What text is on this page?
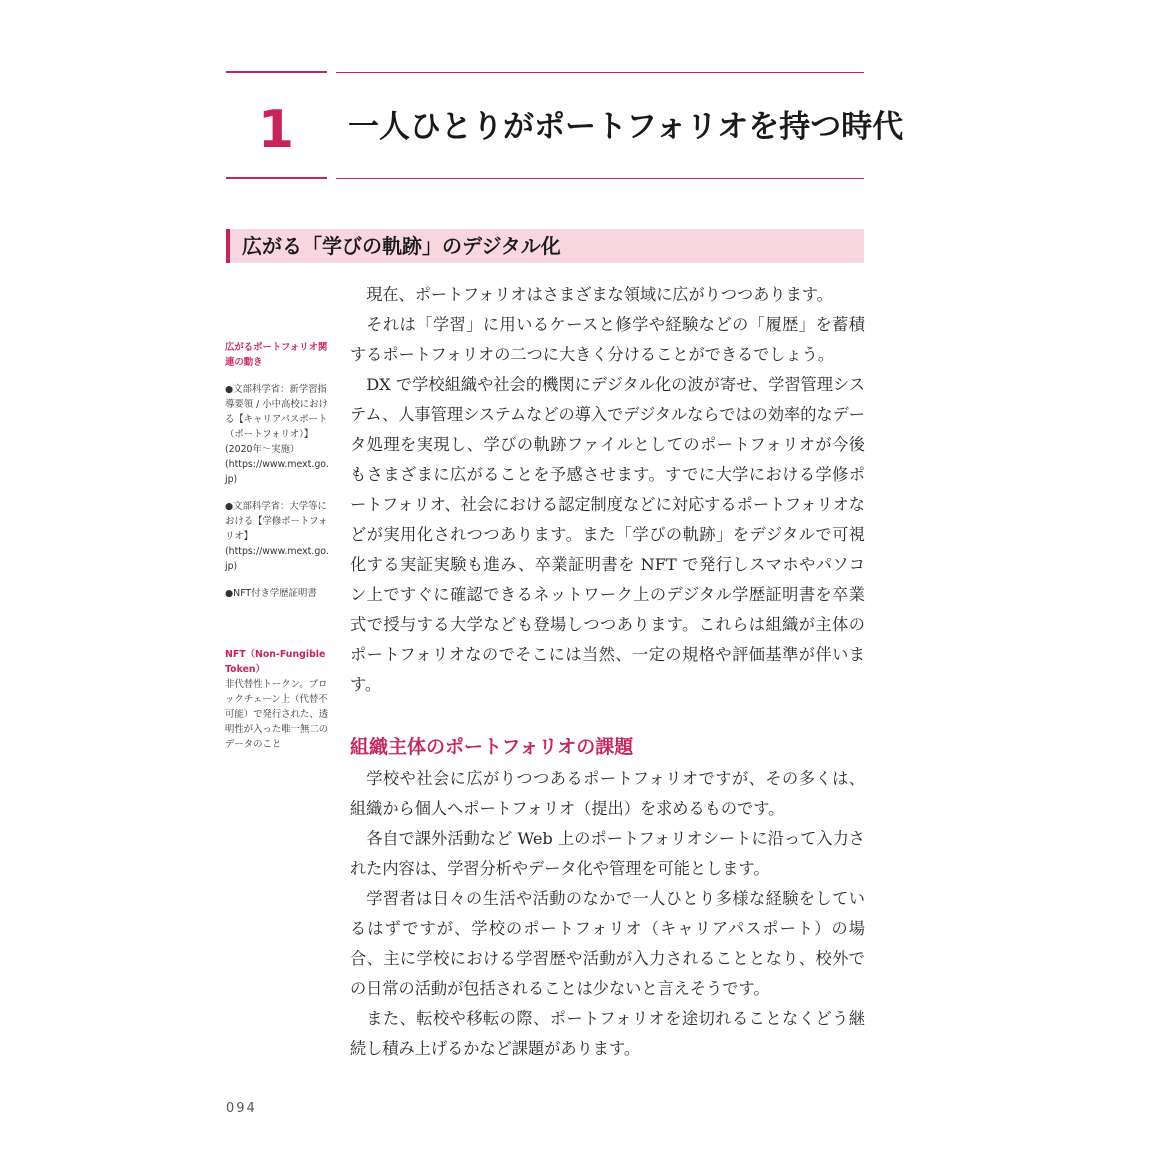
1	一人ひとりがポートフォリオを持つ時代
広がる「学びの軌跡」のデジタル化

広がるポートフォリオ関連の動き

●文部科学省：新学習指導要領 / 小中高校における【キャリアパスポート（ポートフォリオ）】(2020年〜実施）(https://www.mext.go.jp)

●文部科学省：大学等における【学修ポートフォリオ】(https://www.mext.go.jp)

●NFT付き学歴証明書

NFT（Non-Fungible Token）

非代替性トークン。ブロックチェーン上（代替不可能）で発行された、透明性が入った唯一無二のデータのこと

現在、ポートフォリオはさまざまな領域に広がりつつあります。

それは「学習」に用いるケースと修学や経験などの「履歴」を蓄積するポートフォリオの二つに大きく分けることができるでしょう。

DX で学校組織や社会的機関にデジタル化の波が寄せ、学習管理システム、人事管理システムなどの導入でデジタルならではの効率的なデータ処理を実現し、学びの軌跡ファイルとしてのポートフォリオが今後もさまざまに広がることを予感させます。すでに大学における学修ポートフォリオ、社会における認定制度などに対応するポートフォリオなどが実用化されつつあります。また「学びの軌跡」をデジタルで可視化する実証実験も進み、卒業証明書を NFT で発行しスマホやパソコン上ですぐに確認できるネットワーク上のデジタル学歴証明書を卒業式で授与する大学なども登場しつつあります。これらは組織が主体のポートフォリオなのでそこには当然、一定の規格や評価基準が伴います。

組織主体のポートフォリオの課題

学校や社会に広がりつつあるポートフォリオですが、その多くは、組織から個人へポートフォリオ（提出）を求めるものです。

各自で課外活動など Web 上のポートフォリオシートに沿って入力された内容は、学習分析やデータ化や管理を可能とします。

学習者は日々の生活や活動のなかで一人ひとり多様な経験をしているはずですが、学校のポートフォリオ（キャリアパスポート）の場合、主に学校における学習歴や活動が入力されることとなり、校外での日常の活動が包括されることは少ないと言えそうです。

また、転校や移転の際、ポートフォリオを途切れることなくどう継続し積み上げるかなど課題があります。

094
